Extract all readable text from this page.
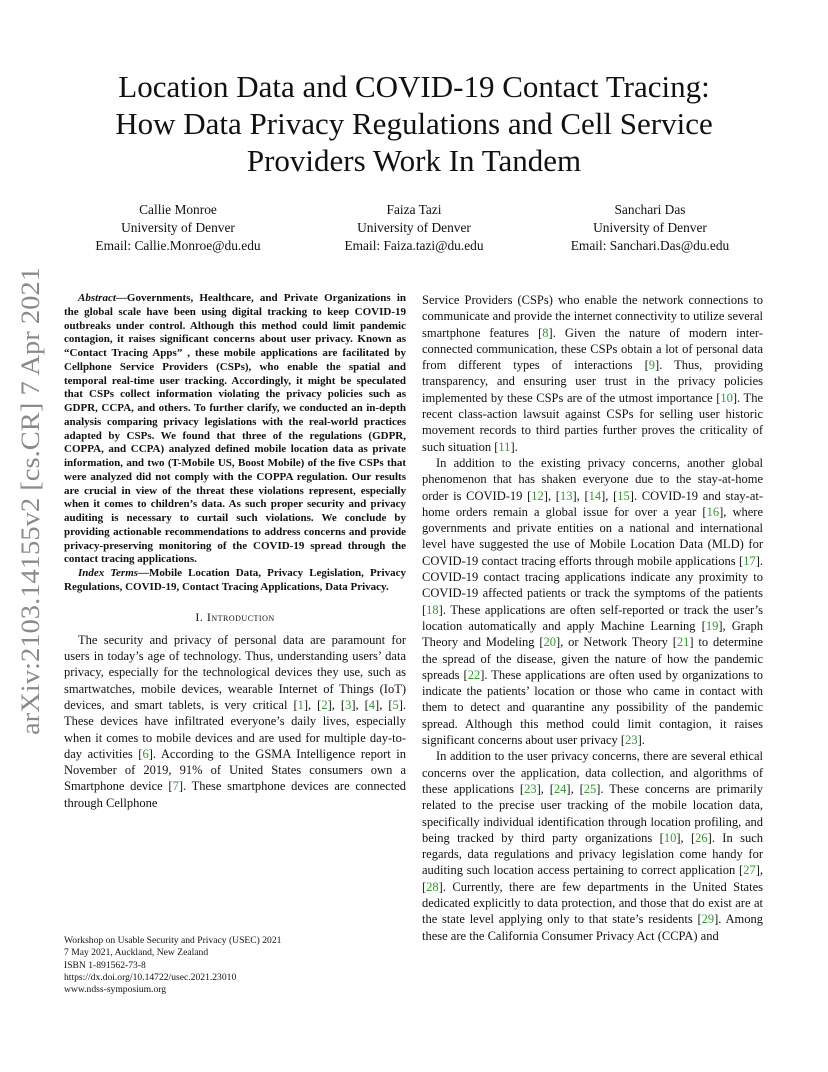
arXiv:2103.14155v2 [cs.CR] 7 Apr 2021
Location Data and COVID-19 Contact Tracing:
How Data Privacy Regulations and Cell Service
Providers Work In Tandem
Callie Monroe
University of Denver
Email: Callie.Monroe@du.edu
Faiza Tazi
University of Denver
Email: Faiza.tazi@du.edu
Sanchari Das
University of Denver
Email: Sanchari.Das@du.edu

Abstract—Governments, Healthcare, and Private Organizations in the global scale have been using digital tracking to keep COVID-19 outbreaks under control. Although this method could limit pandemic contagion, it raises significant concerns about user privacy. Known as “Contact Tracing Apps” , these mobile applications are facilitated by Cellphone Service Providers (CSPs), who enable the spatial and temporal real-time user tracking. Accordingly, it might be speculated that CSPs collect information violating the privacy policies such as GDPR, CCPA, and others. To further clarify, we conducted an in-depth analysis comparing privacy legislations with the real-world practices adapted by CSPs. We found that three of the regulations (GDPR, COPPA, and CCPA) analyzed defined mobile location data as private information, and two (T-Mobile US, Boost Mobile) of the five CSPs that were analyzed did not comply with the COPPA regulation. Our results are crucial in view of the threat these violations represent, especially when it comes to children’s data. As such proper security and privacy auditing is necessary to curtail such violations. We conclude by providing actionable recommendations to address concerns and provide privacy-preserving monitoring of the COVID-19 spread through the contact tracing applications.

Index Terms—Mobile Location Data, Privacy Legislation, Privacy Regulations, COVID-19, Contact Tracing Applications, Data Privacy.

I. Introduction

The security and privacy of personal data are paramount for users in today’s age of technology. Thus, understanding users’ data privacy, especially for the technological devices they use, such as smartwatches, mobile devices, wearable Internet of Things (IoT) devices, and smart tablets, is very critical [1], [2], [3], [4], [5]. These devices have infiltrated everyone’s daily lives, especially when it comes to mobile devices and are used for multiple day-to-day activities [6]. According to the GSMA Intelligence report in November of 2019, 91% of United States consumers own a Smartphone device [7]. These smartphone devices are connected through Cellphone

Workshop on Usable Security and Privacy (USEC) 2021
7 May 2021, Auckland, New Zealand
ISBN 1-891562-73-8
https://dx.doi.org/10.14722/usec.2021.23010
www.ndss-symposium.org

Service Providers (CSPs) who enable the network connections to communicate and provide the internet connectivity to utilize several smartphone features [8]. Given the nature of modern inter-connected communication, these CSPs obtain a lot of personal data from different types of interactions [9]. Thus, providing transparency, and ensuring user trust in the privacy policies implemented by these CSPs are of the utmost importance [10]. The recent class-action lawsuit against CSPs for selling user historic movement records to third parties further proves the criticality of such situation [11].

In addition to the existing privacy concerns, another global phenomenon that has shaken everyone due to the stay-at-home order is COVID-19 [12], [13], [14], [15]. COVID-19 and stay-at-home orders remain a global issue for over a year [16], where governments and private entities on a national and international level have suggested the use of Mobile Location Data (MLD) for COVID-19 contact tracing efforts through mobile applications [17]. COVID-19 contact tracing applications indicate any proximity to COVID-19 affected patients or track the symptoms of the patients [18]. These applications are often self-reported or track the user’s location automatically and apply Machine Learning [19], Graph Theory and Modeling [20], or Network Theory [21] to determine the spread of the disease, given the nature of how the pandemic spreads [22]. These applications are often used by organizations to indicate the patients’ location or those who came in contact with them to detect and quarantine any possibility of the pandemic spread. Although this method could limit contagion, it raises significant concerns about user privacy [23].

In addition to the user privacy concerns, there are several ethical concerns over the application, data collection, and algorithms of these applications [23], [24], [25]. These concerns are primarily related to the precise user tracking of the mobile location data, specifically individual identification through location profiling, and being tracked by third party organizations [10], [26]. In such regards, data regulations and privacy legislation come handy for auditing such location access pertaining to correct application [27], [28]. Currently, there are few departments in the United States dedicated explicitly to data protection, and those that do exist are at the state level applying only to that state’s residents [29]. Among these are the California Consumer Privacy Act (CCPA) and
